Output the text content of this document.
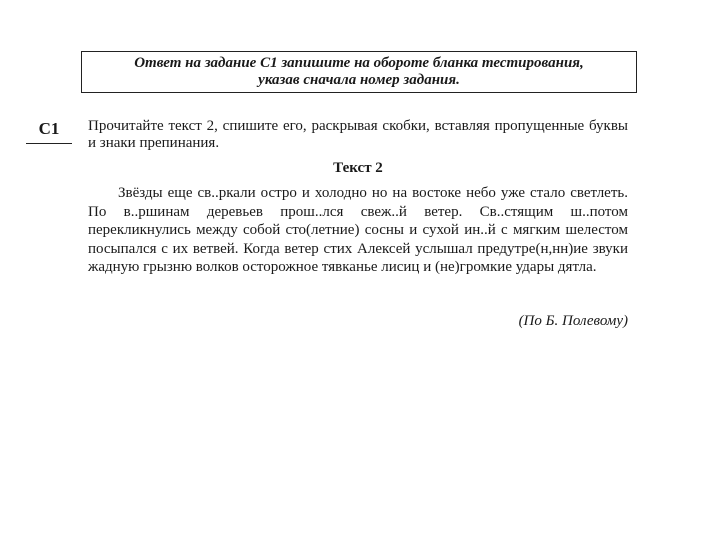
Ответ на задание С1 запишите на обороте бланка тестирования,
указав сначала номер задания.
С1	Прочитайте текст 2, спишите его, раскрывая скобки, вставляя пропущенные буквы и знаки препинания.
Текст 2
Звёзды еще св..ркали остро и холодно но на востоке небо уже стало светлеть. По в..ршинам деревьев прош..лся свеж..й ветер. Св..стящим ш..потом перекликнулись между собой сто(летние) сосны и сухой ин..й с мягким шелестом посыпался с их ветвей. Когда ветер стих Алексей услышал предутре(н,нн)ие звуки жадную грызню волков осторожное тявканье лисиц и (не)громкие удары дятла.
(По Б. Полевому)
